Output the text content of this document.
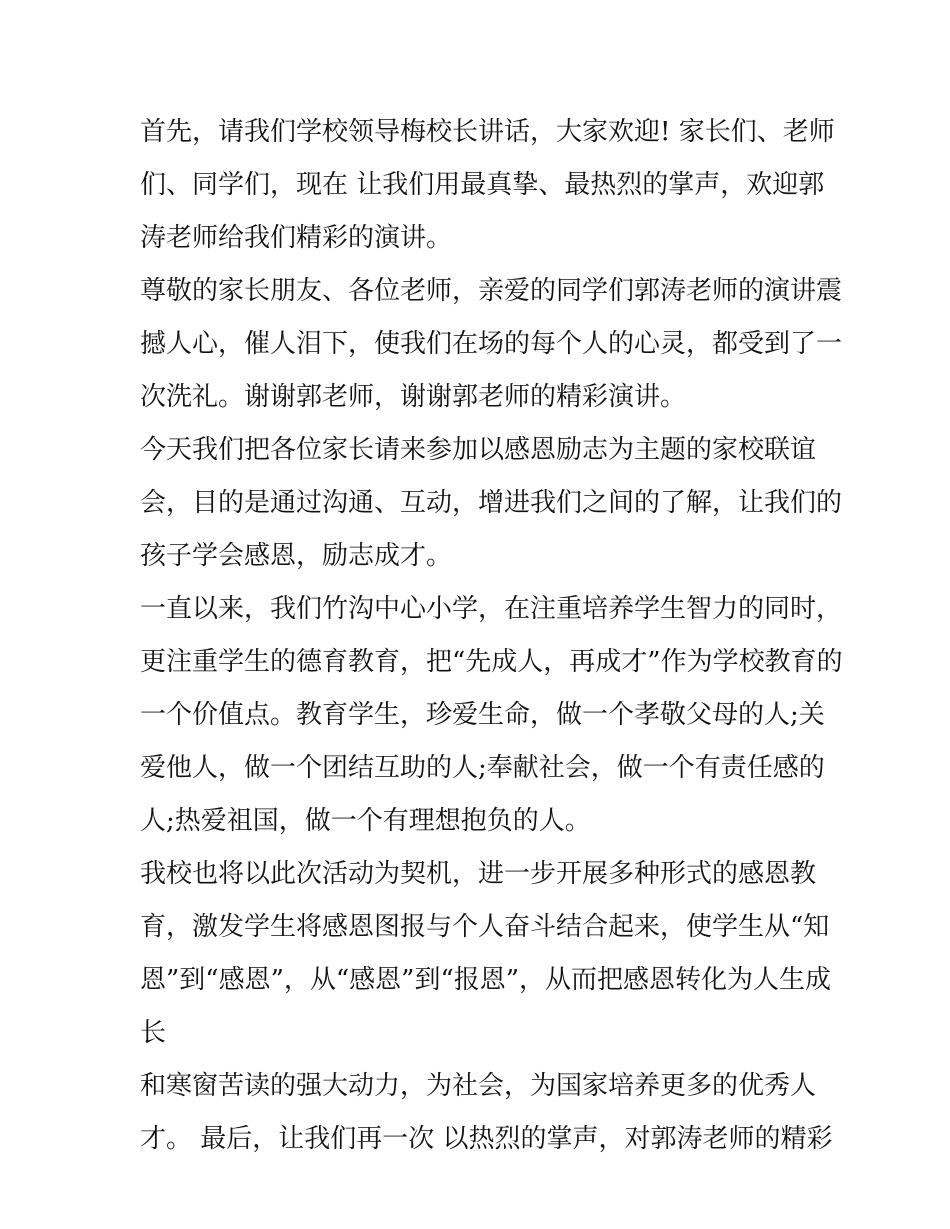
首先，请我们学校领导梅校长讲话，大家欢迎! 家长们、老师
们、同学们，现在 让我们用最真挚、最热烈的掌声，欢迎郭
涛老师给我们精彩的演讲。
尊敬的家长朋友、各位老师，亲爱的同学们郭涛老师的演讲震
撼人心，催人泪下，使我们在场的每个人的心灵，都受到了一
次洗礼。谢谢郭老师，谢谢郭老师的精彩演讲。
今天我们把各位家长请来参加以感恩励志为主题的家校联谊
会，目的是通过沟通、互动，增进我们之间的了解，让我们的
孩子学会感恩，励志成才。
一直以来，我们竹沟中心小学，在注重培养学生智力的同时，
更注重学生的德育教育，把“先成人，再成才”作为学校教育的
一个价值点。教育学生，珍爱生命，做一个孝敬父母的人;关
爱他人，做一个团结互助的人;奉献社会，做一个有责任感的
人;热爱祖国，做一个有理想抱负的人。
我校也将以此次活动为契机，进一步开展多种形式的感恩教
育，激发学生将感恩图报与个人奋斗结合起来，使学生从“知
恩”到“感恩”，从“感恩”到“报恩”，从而把感恩转化为人生成
长
和寒窗苦读的强大动力，为社会，为国家培养更多的优秀人
才。 最后，让我们再一次 以热烈的掌声，对郭涛老师的精彩
